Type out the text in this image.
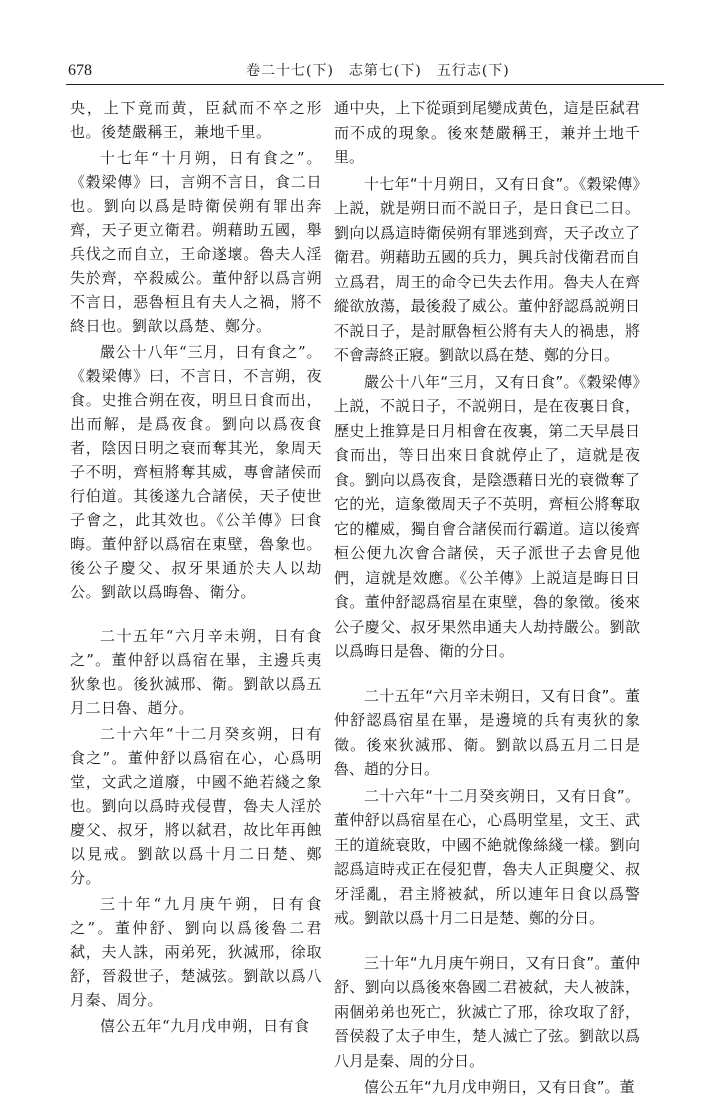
678	卷二十七(下)　志第七(下)　五行志(下)

央，上下竟而黄，臣弑而不卒之形也。後楚嚴稱王，兼地千里。

十七年“十月朔，日有食之”。《穀梁傳》曰，言朔不言日，食二日也。劉向以爲是時衛侯朔有罪出奔齊，天子更立衛君。朔藉助五國，舉兵伐之而自立，王命遂壞。魯夫人淫失於齊，卒殺威公。董仲舒以爲言朔不言日，惡魯桓且有夫人之禍，將不終日也。劉歆以爲楚、鄭分。

嚴公十八年“三月，日有食之”。《穀梁傳》曰，不言日，不言朔，夜食。史推合朔在夜，明旦日食而出，出而解，是爲夜食。劉向以爲夜食者，陰因日明之衰而奪其光，象周天子不明，齊桓將奪其威，專會諸侯而行伯道。其後遂九合諸侯，天子使世子會之，此其效也。《公羊傳》曰食晦。董仲舒以爲宿在東壁，魯象也。後公子慶父、叔牙果通於夫人以劫公。劉歆以爲晦魯、衛分。

二十五年“六月辛未朔，日有食之”。董仲舒以爲宿在畢，主邊兵夷狄象也。後狄滅邢、衛。劉歆以爲五月二日魯、趙分。

二十六年“十二月癸亥朔，日有食之”。董仲舒以爲宿在心，心爲明堂，文武之道廢，中國不絶若綫之象也。劉向以爲時戎侵曹，魯夫人淫於慶父、叔牙，將以弑君，故比年再蝕以見戒。劉歆以爲十月二日楚、鄭分。

三十年“九月庚午朔，日有食之”。董仲舒、劉向以爲後魯二君弑，夫人誅，兩弟死，狄滅邢，徐取舒，晉殺世子，楚滅弦。劉歆以爲八月秦、周分。

僖公五年“九月戊申朔，日有食

通中央，上下從頭到尾變成黄色，這是臣弑君而不成的現象。後來楚嚴稱王，兼并土地千里。

十七年“十月朔日，又有日食”。《穀梁傳》上説，就是朔日而不説日子，是日食已二日。劉向以爲這時衛侯朔有罪逃到齊，天子改立了衛君。朔藉助五國的兵力，興兵討伐衛君而自立爲君，周王的命令已失去作用。魯夫人在齊縱欲放蕩，最後殺了威公。董仲舒認爲説朔日不説日子，是討厭魯桓公將有夫人的禍患，將不會壽終正寢。劉歆以爲在楚、鄭的分日。

嚴公十八年“三月，又有日食”。《穀梁傳》上説，不説日子，不説朔日，是在夜裏日食，歷史上推算是日月相會在夜裏，第二天早晨日食而出，等日出來日食就停止了，這就是夜食。劉向以爲夜食，是陰憑藉日光的衰微奪了它的光，這象徵周天子不英明，齊桓公將奪取它的權威，獨自會合諸侯而行霸道。這以後齊桓公便九次會合諸侯，天子派世子去會見他們，這就是效應。《公羊傳》上説這是晦日日食。董仲舒認爲宿星在東壁，魯的象徵。後來公子慶父、叔牙果然串通夫人劫持嚴公。劉歆以爲晦日是魯、衛的分日。

二十五年“六月辛未朔日，又有日食”。董仲舒認爲宿星在畢，是邊境的兵有夷狄的象徵。後來狄滅邢、衛。劉歆以爲五月二日是魯、趙的分日。

二十六年“十二月癸亥朔日，又有日食”。董仲舒以爲宿星在心，心爲明堂星，文王、武王的道統衰敗，中國不絶就像絲綫一樣。劉向認爲這時戎正在侵犯曹，魯夫人正與慶父、叔牙淫亂，君主將被弑，所以連年日食以爲警戒。劉歆以爲十月二日是楚、鄭的分日。

三十年“九月庚午朔日，又有日食”。董仲舒、劉向以爲後來魯國二君被弑，夫人被誅，兩個弟弟也死亡，狄滅亡了邢，徐攻取了舒，晉侯殺了太子申生，楚人滅亡了弦。劉歆以爲八月是秦、周的分日。

僖公五年“九月戊申朔日，又有日食”。董
